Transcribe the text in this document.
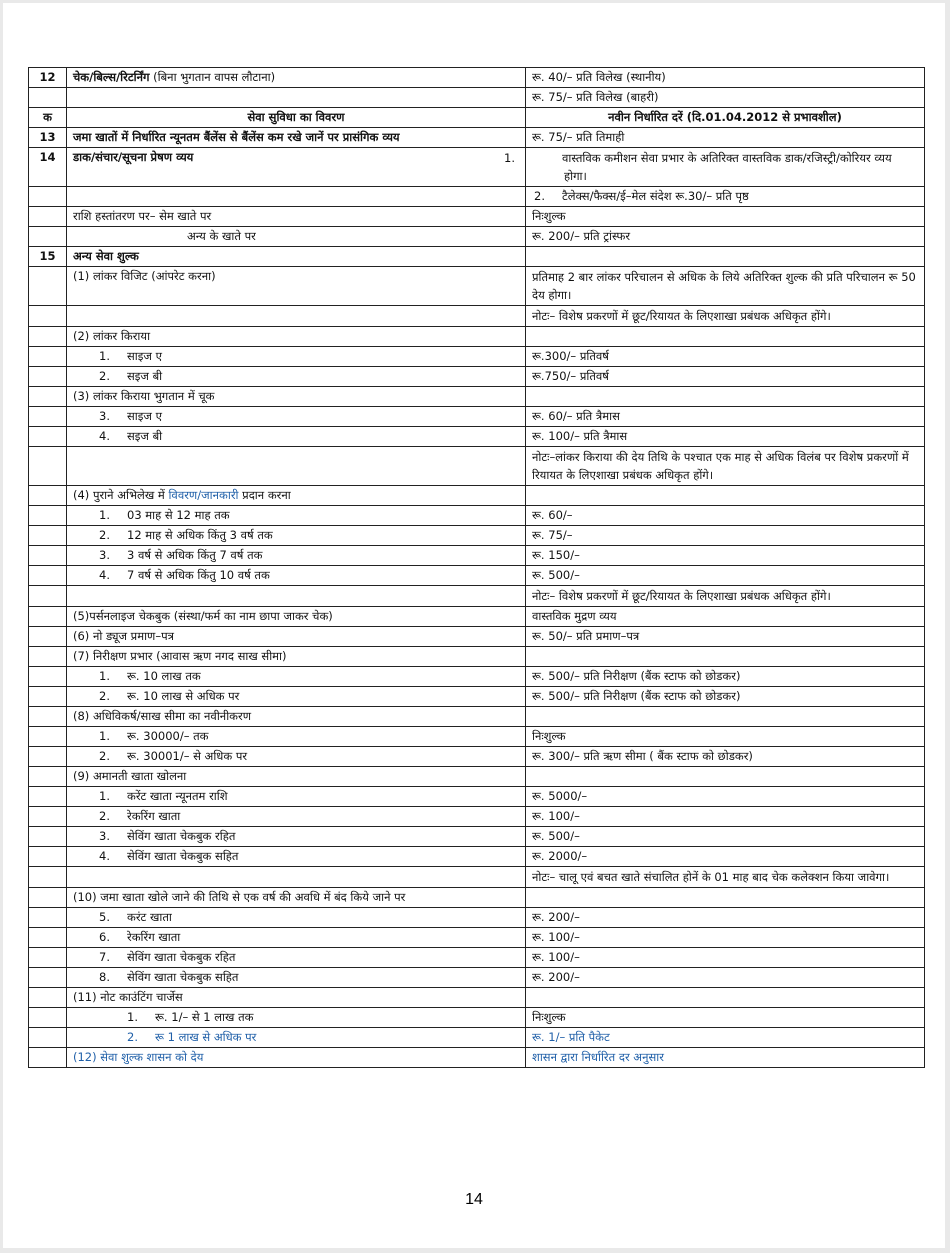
12	चेक/बिल्स/रिटर्निंग (बिना भुगतान वापस लौटाना)	रू. 40/– प्रति विलेख (स्थानीय)
		रू. 75/– प्रति विलेख (बाहरी)
क	सेवा सुविधा का विवरण	नवीन निर्धारित दरें (दि.01.04.2012 से प्रभावशील)
13	जमा खातों में निर्धारित न्यूनतम बैंलेंस से बैंलेंस कम रखे जानें पर प्रासंगिक व्यय	रू. 75/– प्रति तिमाही
14	डाक/संचार/सूचना प्रेषण व्यय	1. वास्तविक कमीशन सेवा प्रभार के अतिरिक्त वास्तविक डाक/रजिस्ट्री/कोरियर व्यय होगा।
		2. टैलेक्स/फैक्स/ई–मेल संदेश रू.30/– प्रति पृष्ठ
	राशि हस्तांतरण पर– सेम खाते पर	निःशुल्क
	अन्य के खाते पर	रू. 200/– प्रति ट्रांस्फर
15	अन्य सेवा शुल्क	
	(1) लांकर विजिट (आंपरेट करना)	प्रतिमाह 2 बार लांकर परिचालन से अधिक के लिये अतिरिक्त शुल्क की प्रति परिचालन रू 50 देय होगा।
		नोटः– विशेष प्रकरणों में छूट/रियायत के लिएशाखा प्रबंधक अधिकृत होंगे।
	(2) लांकर किराया	
	1. साइज ए	रू.300/– प्रतिवर्ष
	2. सइज बी	रू.750/– प्रतिवर्ष
	(3) लांकर किराया भुगतान में चूक	
	3. साइज ए	रू. 60/– प्रति त्रैमास
	4. सइज बी	रू. 100/– प्रति त्रैमास
		नोटः–लांकर किराया की देय तिथि के पश्चात एक माह से अधिक विलंब पर विशेष प्रकरणों में रियायत के लिएशाखा प्रबंधक अधिकृत होंगे।
	(4) पुराने अभिलेख में विवरण/जानकारी प्रदान करना	
	1. 03 माह से 12 माह तक	रू. 60/–
	2. 12 माह से अधिक किंतु 3 वर्ष तक	रू. 75/–
	3. 3 वर्ष से अधिक किंतु 7 वर्ष तक	रू. 150/–
	4. 7 वर्ष से अधिक किंतु 10 वर्ष तक	रू. 500/–
		नोटः– विशेष प्रकरणों में छूट/रियायत के लिएशाखा प्रबंधक अधिकृत होंगे।
	(5)पर्सनलाइज चेकबुक (संस्था/फर्म का नाम छापा जाकर चेक)	वास्तविक मुद्रण व्यय
	(6) नो ड्यूज प्रमाण–पत्र	रू. 50/– प्रति प्रमाण–पत्र
	(7) निरीक्षण प्रभार (आवास ऋण नगद साख सीमा)	
	1. रू. 10 लाख तक	रू. 500/– प्रति निरीक्षण (बैंक स्टाफ को छोडकर)
	2. रू. 10 लाख से अधिक पर	रू. 500/– प्रति निरीक्षण (बैंक स्टाफ को छोडकर)
	(8) अधिविकर्ष/साख सीमा का नवीनीकरण	
	1. रू. 30000/– तक	निःशुल्क
	2. रू. 30001/– से अधिक पर	रू. 300/– प्रति ऋण सीमा ( बैंक स्टाफ को छोडकर)
	(9) अमानती खाता खोलना	
	1. करेंट खाता न्यूनतम राशि	रू. 5000/–
	2. रेकरिंग खाता	रू. 100/–
	3. सेविंग खाता चेकबुक रहित	रू. 500/–
	4. सेविंग खाता चेकबुक सहित	रू. 2000/–
		नोटः– चालू एवं बचत खाते संचालित होनें के 01 माह बाद चेक कलेक्शन किया जावेगा।
	(10) जमा खाता खोले जाने की तिथि से एक वर्ष की अवधि में बंद किये जाने पर	
	5. करंट खाता	रू. 200/–
	6. रेकरिंग खाता	रू. 100/–
	7. सेविंग खाता चेकबुक रहित	रू. 100/–
	8. सेविंग खाता चेकबुक सहित	रू. 200/–
	(11) नोट काउंटिंग चार्जेस	
	1. रू. 1/– से 1 लाख तक	निःशुल्क
	2. रू 1 लाख से अधिक पर	रू. 1/– प्रति पैकेट
	(12) सेवा शुल्क शासन को देय	शासन द्वारा निर्धारित दर अनुसार
14
